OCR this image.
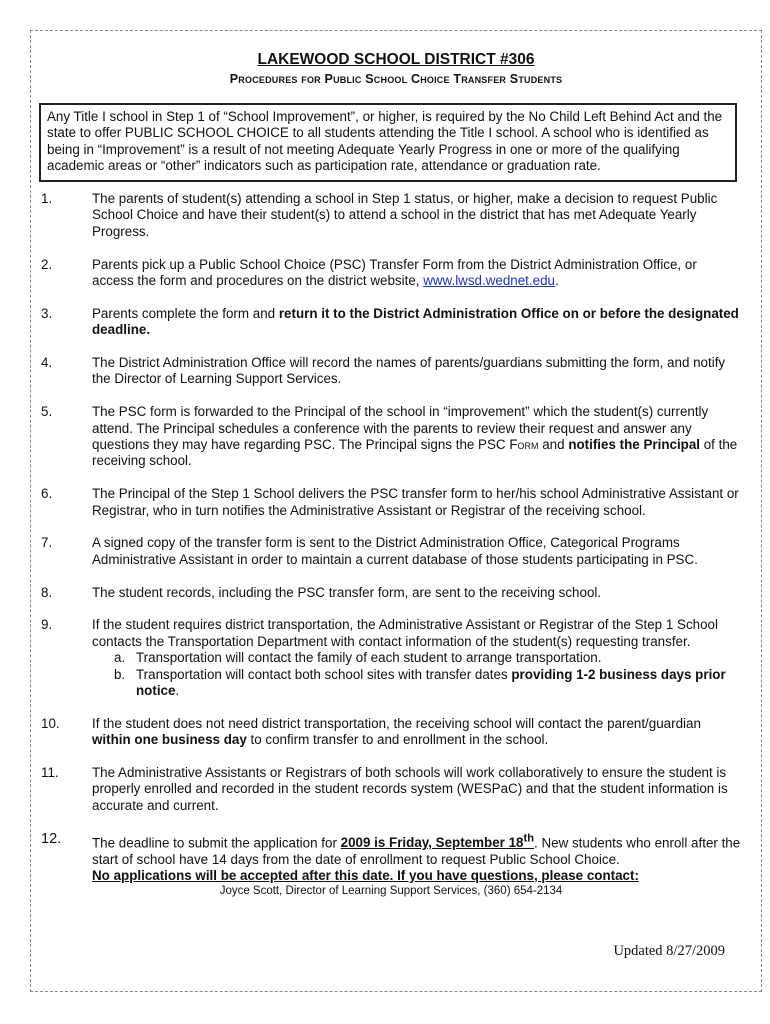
LAKEWOOD SCHOOL DISTRICT #306
Procedures for Public School Choice Transfer Students
Any Title I school in Step 1 of “School Improvement”, or higher, is required by the No Child Left Behind Act and the state to offer PUBLIC SCHOOL CHOICE to all students attending the Title I school. A school who is identified as being in “Improvement” is a result of not meeting Adequate Yearly Progress in one or more of the qualifying academic areas or “other” indicators such as participation rate, attendance or graduation rate.
1.	The parents of student(s) attending a school in Step 1 status, or higher, make a decision to request Public School Choice and have their student(s) to attend a school in the district that has met Adequate Yearly Progress.
2.	Parents pick up a Public School Choice (PSC) Transfer Form from the District Administration Office, or access the form and procedures on the district website, www.lwsd.wednet.edu.
3.	Parents complete the form and return it to the District Administration Office on or before the designated deadline.
4.	The District Administration Office will record the names of parents/guardians submitting the form, and notify the Director of Learning Support Services.
5.	The PSC form is forwarded to the Principal of the school in “improvement” which the student(s) currently attend. The Principal schedules a conference with the parents to review their request and answer any questions they may have regarding PSC. The Principal signs the PSC Form and notifies the Principal of the receiving school.
6.	The Principal of the Step 1 School delivers the PSC transfer form to her/his school Administrative Assistant or Registrar, who in turn notifies the Administrative Assistant or Registrar of the receiving school.
7.	A signed copy of the transfer form is sent to the District Administration Office, Categorical Programs Administrative Assistant in order to maintain a current database of those students participating in PSC.
8.	The student records, including the PSC transfer form, are sent to the receiving school.
9.	If the student requires district transportation, the Administrative Assistant or Registrar of the Step 1 School contacts the Transportation Department with contact information of the student(s) requesting transfer.
a. Transportation will contact the family of each student to arrange transportation.
b. Transportation will contact both school sites with transfer dates providing 1-2 business days prior notice.
10. If the student does not need district transportation, the receiving school will contact the parent/guardian within one business day to confirm transfer to and enrollment in the school.
11. The Administrative Assistants or Registrars of both schools will work collaboratively to ensure the student is properly enrolled and recorded in the student records system (WESPaC) and that the student information is accurate and current.
12. The deadline to submit the application for 2009 is Friday, September 18th. New students who enroll after the start of school have 14 days from the date of enrollment to request Public School Choice.
No applications will be accepted after this date. If you have questions, please contact:
Joyce Scott, Director of Learning Support Services, (360) 654-2134
Updated 8/27/2009
